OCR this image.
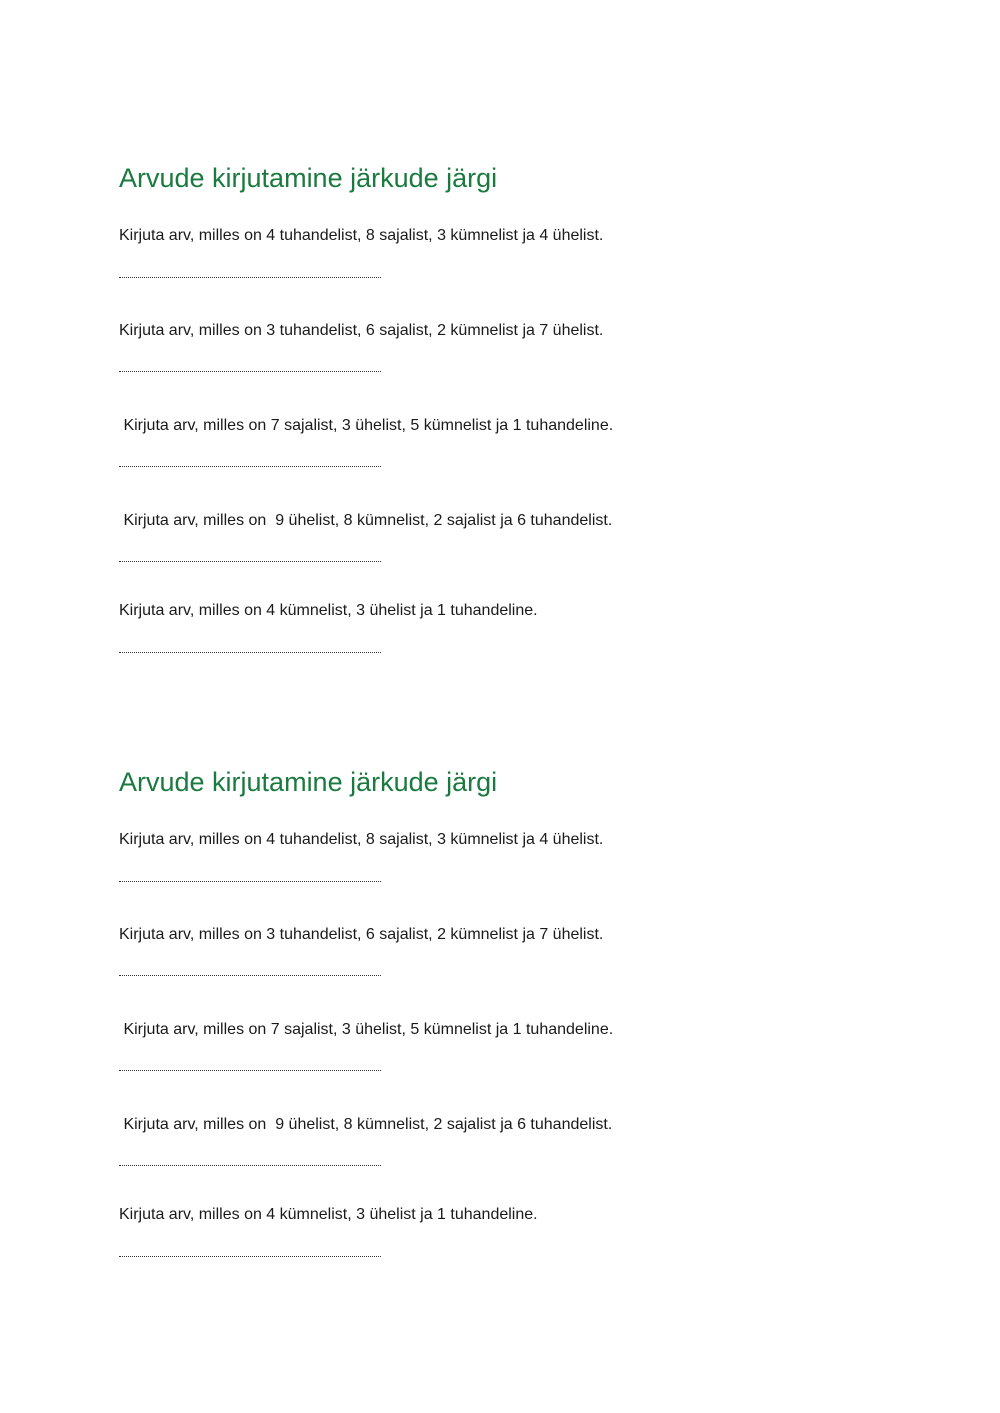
Arvude kirjutamine järkude järgi
Kirjuta arv, milles on 4 tuhandelist, 8 sajalist, 3 kümnelist ja 4 ühelist.
Kirjuta arv, milles on 3 tuhandelist, 6 sajalist, 2 kümnelist ja 7 ühelist.
Kirjuta arv, milles on 7 sajalist, 3 ühelist, 5 kümnelist ja 1 tuhandeline.
Kirjuta arv, milles on  9 ühelist, 8 kümnelist, 2 sajalist ja 6 tuhandelist.
Kirjuta arv, milles on 4 kümnelist, 3 ühelist ja 1 tuhandeline.
Arvude kirjutamine järkude järgi
Kirjuta arv, milles on 4 tuhandelist, 8 sajalist, 3 kümnelist ja 4 ühelist.
Kirjuta arv, milles on 3 tuhandelist, 6 sajalist, 2 kümnelist ja 7 ühelist.
Kirjuta arv, milles on 7 sajalist, 3 ühelist, 5 kümnelist ja 1 tuhandeline.
Kirjuta arv, milles on  9 ühelist, 8 kümnelist, 2 sajalist ja 6 tuhandelist.
Kirjuta arv, milles on 4 kümnelist, 3 ühelist ja 1 tuhandeline.
